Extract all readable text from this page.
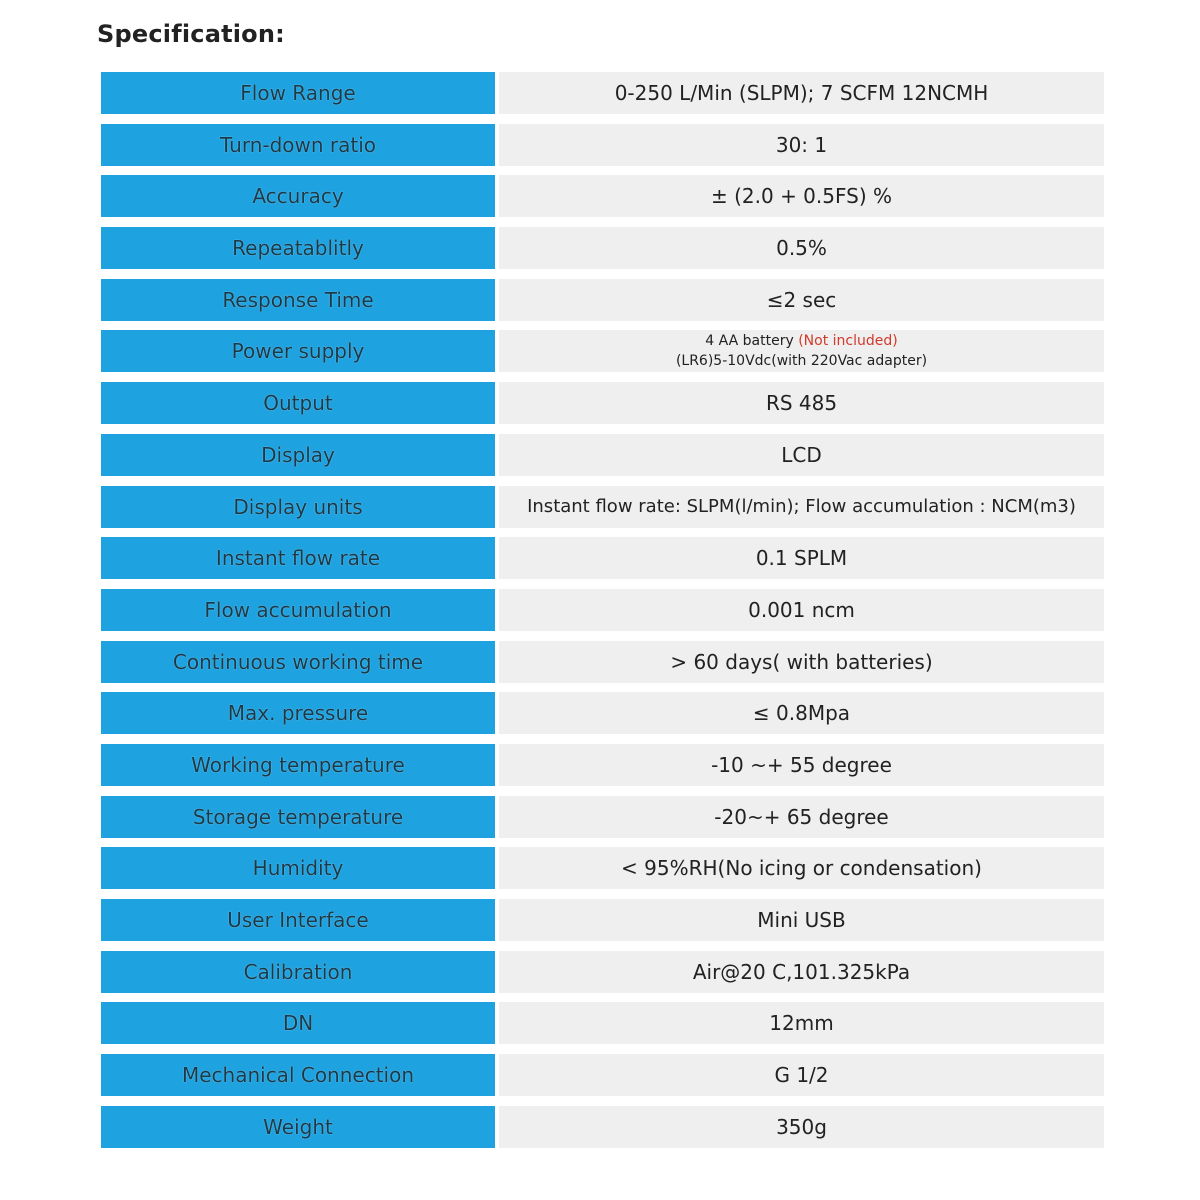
Specification:
Flow Range	0-250 L/Min (SLPM); 7 SCFM 12NCMH
Turn-down ratio	30: 1
Accuracy	± (2.0 + 0.5FS) %
Repeatablitly	0.5%
Response Time	≤2 sec
Power supply	4 AA battery (Not included)
(LR6)5-10Vdc(with 220Vac adapter)
Output	RS 485
Display	LCD
Display units	Instant flow rate: SLPM(l/min); Flow accumulation : NCM(m3)
Instant flow rate	0.1 SPLM
Flow accumulation	0.001 ncm
Continuous working time	> 60 days( with batteries)
Max. pressure	≤ 0.8Mpa
Working temperature	-10 ~+ 55 degree
Storage temperature	-20~+ 65 degree
Humidity	< 95%RH(No icing or condensation)
User Interface	Mini USB
Calibration	Air@20 C,101.325kPa
DN	12mm
Mechanical Connection	G 1/2
Weight	350g
